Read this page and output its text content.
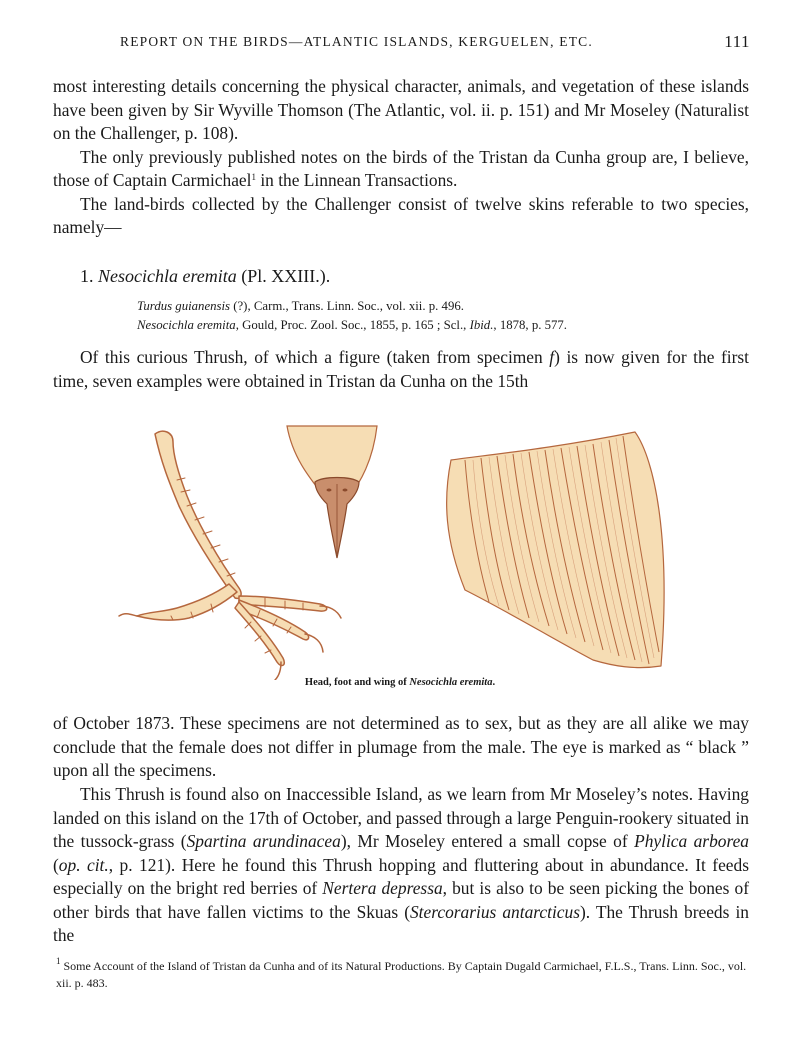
REPORT ON THE BIRDS—ATLANTIC ISLANDS, KERGUELEN, ETC.	111

most interesting details concerning the physical character, animals, and vegetation of these islands have been given by Sir Wyville Thomson (The Atlantic, vol. ii. p. 151) and Mr Moseley (Naturalist on the Challenger, p. 108).

The only previously published notes on the birds of the Tristan da Cunha group are, I believe, those of Captain Carmichael$^1$ in the Linnean Transactions.

The land-birds collected by the Challenger consist of twelve skins referable to two species, namely—

1. Nesocichla eremita (Pl. XXIII.).
Turdus guianensis (?), Carm., Trans. Linn. Soc., vol. xii. p. 496.
Nesocichla eremita, Gould, Proc. Zool. Soc., 1855, p. 165 ; Scl., Ibid., 1878, p. 577.

Of this curious Thrush, of which a figure (taken from specimen f) is now given for the first time, seven examples were obtained in Tristan da Cunha on the 15th

Head, foot and wing of Nesocichla eremita.

of October 1873. These specimens are not determined as to sex, but as they are all alike we may conclude that the female does not differ in plumage from the male. The eye is marked as “ black ” upon all the specimens.

This Thrush is found also on Inaccessible Island, as we learn from Mr Moseley’s notes. Having landed on this island on the 17th of October, and passed through a large Penguin-rookery situated in the tussock-grass (Spartina arundinacea), Mr Moseley entered a small copse of Phylica arborea (op. cit., p. 121). Here he found this Thrush hopping and fluttering about in abundance. It feeds especially on the bright red berries of Nertera depressa, but is also to be seen picking the bones of other birds that have fallen victims to the Skuas (Stercorarius antarcticus). The Thrush breeds in the

$^1$ Some Account of the Island of Tristan da Cunha and of its Natural Productions. By Captain Dugald Carmichael, F.L.S., Trans. Linn. Soc., vol. xii. p. 483.
